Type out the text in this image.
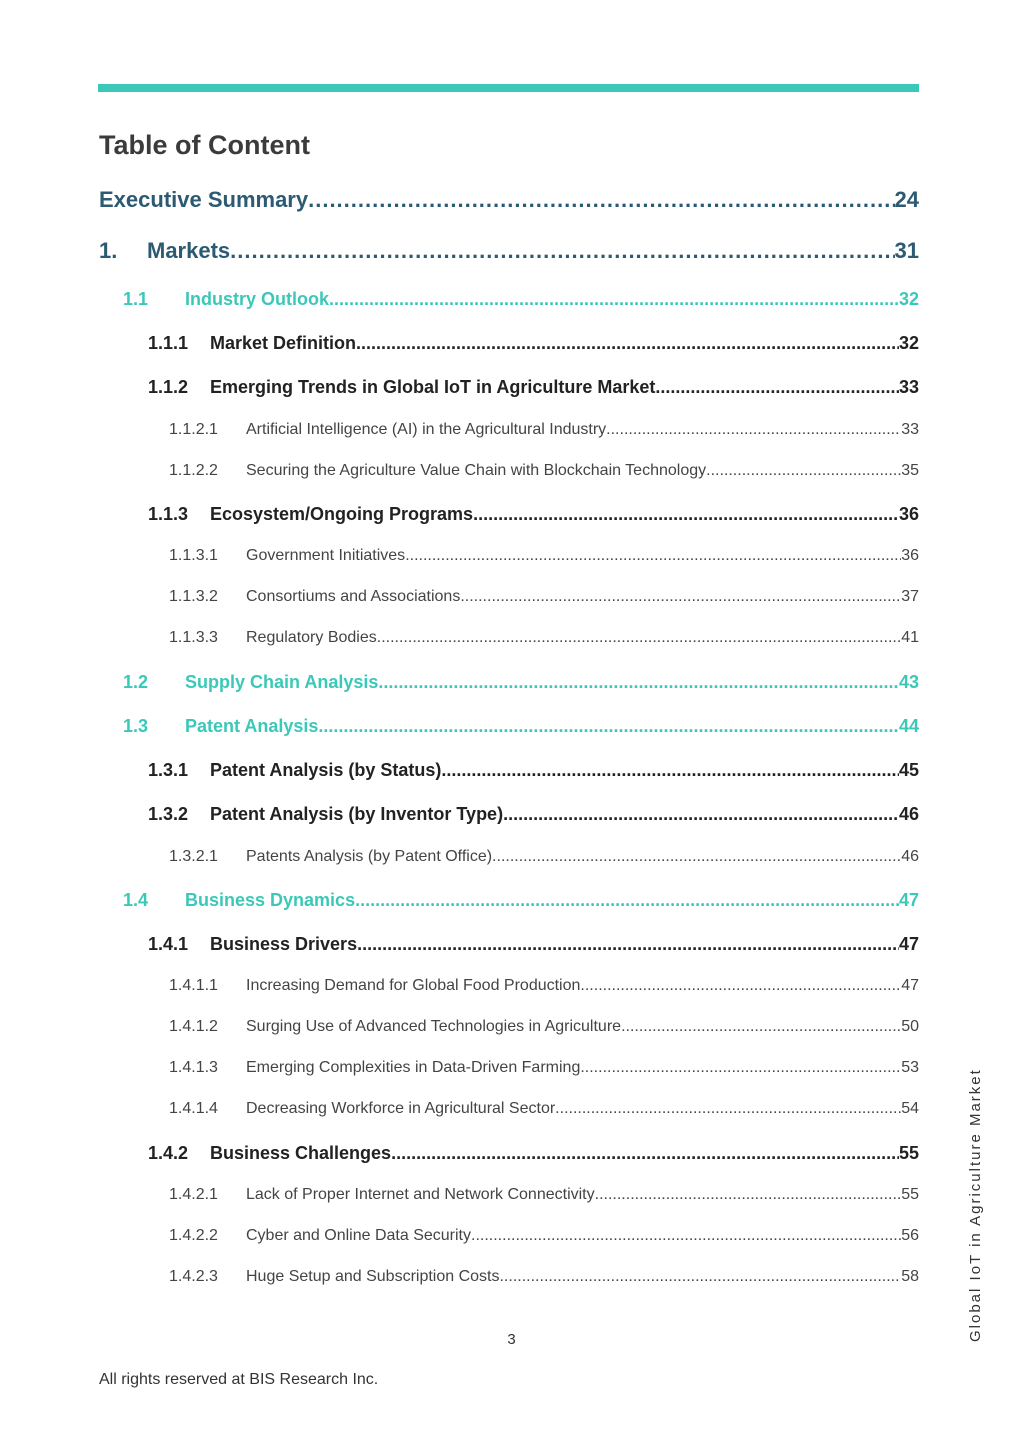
Table of Content
Executive Summary .....	24
1.	Markets .....	31
1.1	Industry Outlook .....	32
1.1.1	Market Definition .....	32
1.1.2	Emerging Trends in Global IoT in Agriculture Market .....	33
1.1.2.1	Artificial Intelligence (AI) in the Agricultural Industry .....	33
1.1.2.2	Securing the Agriculture Value Chain with Blockchain Technology .....	35
1.1.3	Ecosystem/Ongoing Programs .....	36
1.1.3.1	Government Initiatives .....	36
1.1.3.2	Consortiums and Associations .....	37
1.1.3.3	Regulatory Bodies .....	41
1.2	Supply Chain Analysis .....	43
1.3	Patent Analysis .....	44
1.3.1	Patent Analysis (by Status) .....	45
1.3.2	Patent Analysis (by Inventor Type) .....	46
1.3.2.1	Patents Analysis (by Patent Office) .....	46
1.4	Business Dynamics .....	47
1.4.1	Business Drivers .....	47
1.4.1.1	Increasing Demand for Global Food Production .....	47
1.4.1.2	Surging Use of Advanced Technologies in Agriculture .....	50
1.4.1.3	Emerging Complexities in Data-Driven Farming .....	53
1.4.1.4	Decreasing Workforce in Agricultural Sector .....	54
1.4.2	Business Challenges .....	55
1.4.2.1	Lack of Proper Internet and Network Connectivity .....	55
1.4.2.2	Cyber and Online Data Security .....	56
1.4.2.3	Huge Setup and Subscription Costs .....	58
3
All rights reserved at BIS Research Inc.
Global IoT in Agriculture Market
